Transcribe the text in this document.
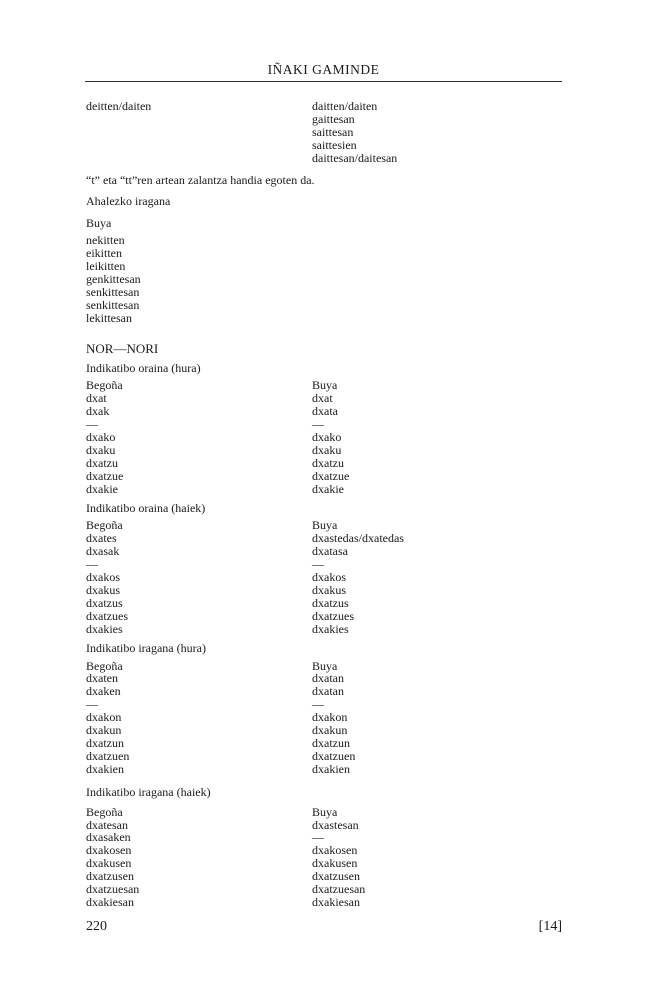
IÑAKI GAMINDE
deitten/daiten	daitten/daiten
gaittesan
saittesan
saittesien
daittesan/daitesan
“t” eta “tt”ren artean zalantza handia egoten da.
Ahalezko iragana
Buya
nekitten
eikitten
leikitten
genkittesan
senkittesan
senkittesan
lekittesan
NOR—NORI
Indikatibo oraina (hura)
Begoña
dxat
dxak
—
dxako
dxaku
dxatzu
dxatzue
dxakie
Buya
dxat
dxata
—
dxako
dxaku
dxatzu
dxatzue
dxakie
Indikatibo oraina (haiek)
Begoña
dxates
dxasak
—
dxakos
dxakus
dxatzus
dxatzues
dxakies
Buya
dxastedas/dxatedas
dxatasa
—
dxakos
dxakus
dxatzus
dxatzues
dxakies
Indikatibo iragana (hura)
Begoña
dxaten
dxaken
—
dxakon
dxakun
dxatzun
dxatzuen
dxakien
Buya
dxatan
dxatan
—
dxakon
dxakun
dxatzun
dxatzuen
dxakien
Indikatibo iragana (haiek)
Begoña
dxatesan
dxasaken
dxakosen
dxakusen
dxatzusen
dxatzuesan
dxakiesan
Buya
dxastesan
—
dxakosen
dxakusen
dxatzusen
dxatzuesan
dxakiesan
220	[14]
